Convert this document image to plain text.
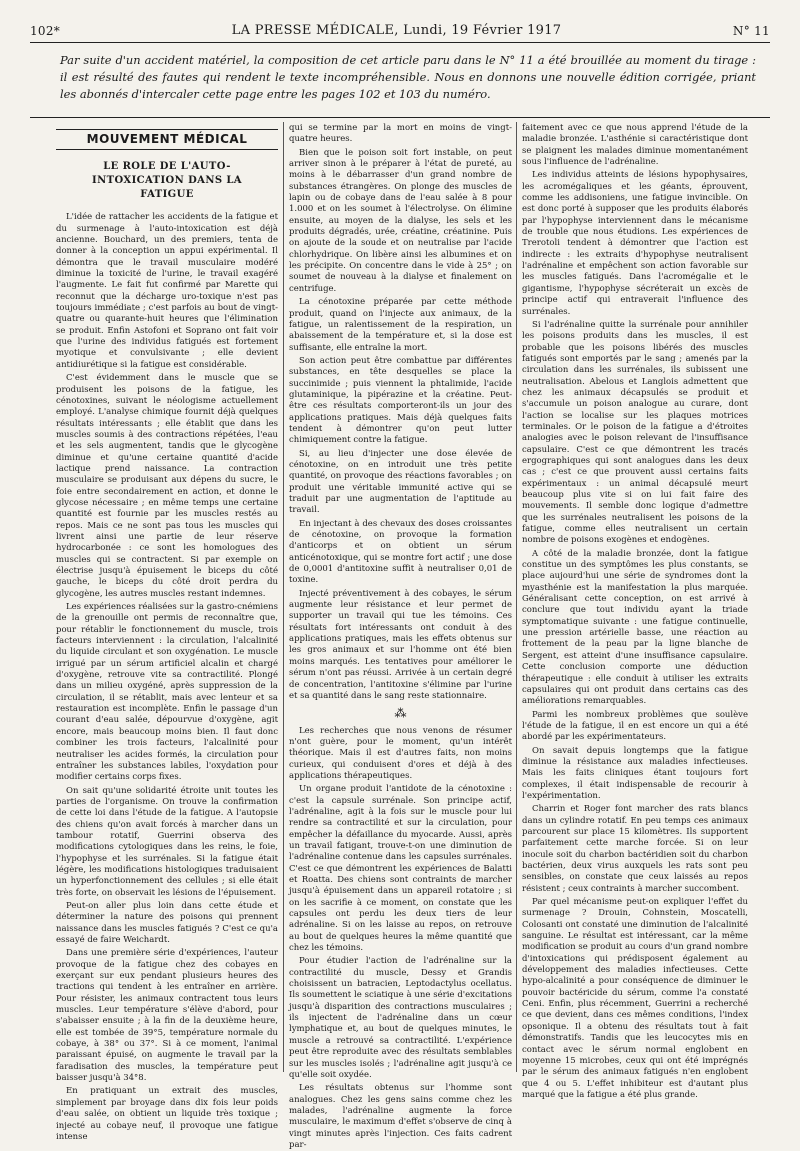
102*	LA PRESSE MÉDICALE, Lundi, 19 Février 1917	N° 11
Par suite d'un accident matériel, la composition de cet article paru dans le N° 11 a été brouillée au moment du tirage : il est résulté des fautes qui rendent le texte incompréhensible. Nous en donnons une nouvelle édition corrigée, priant les abonnés d'intercaler cette page entre les pages 102 et 103 du numéro.
MOUVEMENT MÉDICAL
LE ROLE DE L'AUTO-INTOXICATION DANS LA FATIGUE

L'idée de rattacher les accidents de la fatigue et du surmenage à l'auto-intoxication est déjà ancienne. Bouchard, un des premiers, tenta de donner à la conception un appui expérimental. Il démontra que le travail musculaire modéré diminue la toxicité de l'urine, le travail exagéré l'augmente. Le fait fut confirmé par Marette qui reconnut que la décharge uro-toxique n'est pas toujours immédiate ; c'est parfois au bout de vingt-quatre ou quarante-huit heures que l'élimination se produit. Enfin Astofoni et Soprano ont fait voir que l'urine des individus fatigués est fortement myotique et convulsivante ; elle devient antidiurétique si la fatigue est considérable.

C'est évidemment dans le muscle que se produisent les poisons de la fatigue, les cénotoxines, suivant le néologisme actuellement employé. L'analyse chimique fournit déjà quelques résultats intéressants ; elle établit que dans les muscles soumis à des contractions répétées, l'eau et les sels augmentent, tandis que le glycogène diminue et qu'une certaine quantité d'acide lactique prend naissance. La contraction musculaire se produisant aux dépens du sucre, le foie entre secondairement en action, et donne le glycose nécessaire ; en même temps une certaine quantité est fournie par les muscles restés au repos. Mais ce ne sont pas tous les muscles qui livrent ainsi une partie de leur réserve hydrocarbonée : ce sont les homologues des muscles qui se contractent. Si par exemple on électrise jusqu'à épuisement le biceps du côté gauche, le biceps du côté droit perdra du glycogène, les autres muscles restant indemnes.

Les expériences réalisées sur la gastro-cnémiens de la grenouille ont permis de reconnaître que, pour rétablir le fonctionnement du muscle, trois facteurs interviennent : la circulation, l'alcalinité du liquide circulant et son oxygénation. Le muscle irrigué par un sérum artificiel alcalin et chargé d'oxygène, retrouve vite sa contractilité. Plongé dans un milieu oxygéné, après suppression de la circulation, il se rétablit, mais avec lenteur et sa restauration est incomplète. Enfin le passage d'un courant d'eau salée, dépourvue d'oxygène, agit encore, mais beaucoup moins bien. Il faut donc combiner les trois facteurs, l'alcalinité pour neutraliser les acides formés, la circulation pour entraîner les substances labiles, l'oxydation pour modifier certains corps fixes.

On sait qu'une solidarité étroite unit toutes les parties de l'organisme. On trouve la confirmation de cette loi dans l'étude de la fatigue. A l'autopsie des chiens qu'on avait forcés à marcher dans un tambour rotatif, Guerrini observa des modifications cytologiques dans les reins, le foie, l'hypophyse et les surrénales. Si la fatigue était légère, les modifications histologiques traduisaient un hyperfonctionnement des cellules ; si elle était très forte, on observait les lésions de l'épuisement.

Peut-on aller plus loin dans cette étude et déterminer la nature des poisons qui prennent naissance dans les muscles fatigués ? C'est ce qu'a essayé de faire Weichardt.

Dans une première série d'expériences, l'auteur provoque de la fatigue chez des cobayes en exerçant sur eux pendant plusieurs heures des tractions qui tendent à les entraîner en arrière. Pour résister, les animaux contractent tous leurs muscles. Leur température s'élève d'abord, pour s'abaisser ensuite ; à la fin de la deuxième heure, elle est tombée de 39°5, température normale du cobaye, à 38° ou 37°. Si à ce moment, l'animal paraissant épuisé, on augmente le travail par la faradisation des muscles, la température peut baisser jusqu'à 34°8.

En pratiquant un extrait des muscles, simplement par broyage dans dix fois leur poids d'eau salée, on obtient un liquide très toxique ; injecté au cobaye neuf, il provoque une fatigue intense

qui se termine par la mort en moins de vingt-quatre heures.

Bien que le poison soit fort instable, on peut arriver sinon à le préparer à l'état de pureté, au moins à le débarrasser d'un grand nombre de substances étrangères. On plonge des muscles de lapin ou de cobaye dans de l'eau salée à 8 pour 1.000 et on les soumet à l'électrolyse. On élimine ensuite, au moyen de la dialyse, les sels et les produits dégradés, urée, créatine, créatinine. Puis on ajoute de la soude et on neutralise par l'acide chlorhydrique. On libère ainsi les albumines et on les précipite. On concentre dans le vide à 25° ; on soumet de nouveau à la dialyse et finalement on centrifuge.

La cénotoxine préparée par cette méthode produit, quand on l'injecte aux animaux, de la fatigue, un ralentissement de la respiration, un abaissement de la température et, si la dose est suffisante, elle entraîne la mort.

Son action peut être combattue par différentes substances, en tête desquelles se place la succinimide ; puis viennent la phtalimide, l'acide glutaminique, la pipérazine et la créatine. Peut-être ces résultats comporteront-ils un jour des applications pratiques. Mais déjà quelques faits tendent à démontrer qu'on peut lutter chimiquement contre la fatigue.

Si, au lieu d'injecter une dose élevée de cénotoxine, on en introduit une très petite quantité, on provoque des réactions favorables ; on produit une véritable immunité active qui se traduit par une augmentation de l'aptitude au travail.

En injectant à des chevaux des doses croissantes de cénotoxine, on provoque la formation d'anticorps et on obtient un sérum anticénotoxique, qui se montre fort actif ; une dose de 0,0001 d'antitoxine suffit à neutraliser 0,01 de toxine.

Injecté préventivement à des cobayes, le sérum augmente leur résistance et leur permet de supporter un travail qui tue les témoins. Ces résultats fort intéressants ont conduit à des applications pratiques, mais les effets obtenus sur les gros animaux et sur l'homme ont été bien moins marqués. Les tentatives pour améliorer le sérum n'ont pas réussi. Arrivée à un certain degré de concentration, l'antitoxine s'élimine par l'urine et sa quantité dans le sang reste stationnaire.

⁂

Les recherches que nous venons de résumer n'ont guère, pour le moment, qu'un intérêt théorique. Mais il est d'autres faits, non moins curieux, qui conduisent d'ores et déjà à des applications thérapeutiques.

Un organe produit l'antidote de la cénotoxine : c'est la capsule surrénale. Son principe actif, l'adrénaline, agit à la fois sur le muscle pour lui rendre sa contractilité et sur la circulation, pour empêcher la défaillance du myocarde. Aussi, après un travail fatigant, trouve-t-on une diminution de l'adrénaline contenue dans les capsules surrénales. C'est ce que démontrent les expériences de Balatti et Roatta. Des chiens sont contraints de marcher jusqu'à épuisement dans un appareil rotatoire ; si on les sacrifie à ce moment, on constate que les capsules ont perdu les deux tiers de leur adrénaline. Si on les laisse au repos, on retrouve au bout de quelques heures la même quantité que chez les témoins.

Pour étudier l'action de l'adrénaline sur la contractilité du muscle, Dessy et Grandis choisissent un batracien, Leptodactylus ocellatus. Ils soumettent le sciatique à une série d'excitations jusqu'à disparition des contractions musculaires ; ils injectent de l'adrénaline dans un cœur lymphatique et, au bout de quelques minutes, le muscle a retrouvé sa contractilité. L'expérience peut être reproduite avec des résultats semblables sur les muscles isolés ; l'adrénaline agit jusqu'à ce qu'elle soit oxydée.

Les résultats obtenus sur l'homme sont analogues. Chez les gens sains comme chez les malades, l'adrénaline augmente la force musculaire, le maximum d'effet s'observe de cinq à vingt minutes après l'injection. Ces faits cadrent par-

faitement avec ce que nous apprend l'étude de la maladie bronzée. L'asthénie si caractéristique dont se plaignent les malades diminue momentanément sous l'influence de l'adrénaline.

Les individus atteints de lésions hypophysaires, les acromégaliques et les géants, éprouvent, comme les addisoniens, une fatigue invincible. On est donc porté à supposer que les produits élaborés par l'hypophyse interviennent dans le mécanisme de trouble que nous étudions. Les expériences de Trerotoli tendent à démontrer que l'action est indirecte : les extraits d'hypophyse neutralisent l'adrénaline et empêchent son action favorable sur les muscles fatigués. Dans l'acromégalie et le gigantisme, l'hypophyse sécréterait un excès de principe actif qui entraverait l'influence des surrénales.

Si l'adrénaline quitte la surrénale pour annihiler les poisons produits dans les muscles, il est probable que les poisons libérés des muscles fatigués sont emportés par le sang ; amenés par la circulation dans les surrénales, ils subissent une neutralisation. Abelous et Langlois admettent que chez les animaux décapsulés se produit et s'accumule un poison analogue au curare, dont l'action se localise sur les plaques motrices terminales. Or le poison de la fatigue a d'étroites analogies avec le poison relevant de l'insuffisance capsulaire. C'est ce que démontrent les tracés ergographiques qui sont analogues dans les deux cas ; c'est ce que prouvent aussi certains faits expérimentaux : un animal décapsulé meurt beaucoup plus vite si on lui fait faire des mouvements. Il semble donc logique d'admettre que les surrénales neutralisent les poisons de la fatigue, comme elles neutralisent un certain nombre de poisons exogènes et endogènes.

A côté de la maladie bronzée, dont la fatigue constitue un des symptômes les plus constants, se place aujourd'hui une série de syndromes dont la myasthénie est la manifestation la plus marquée. Généralisant cette conception, on est arrivé à conclure que tout individu ayant la triade symptomatique suivante : une fatigue continuelle, une pression artérielle basse, une réaction au frottement de la peau par la ligne blanche de Sergent, est atteint d'une insuffisance capsulaire. Cette conclusion comporte une déduction thérapeutique : elle conduit à utiliser les extraits capsulaires qui ont produit dans certains cas des améliorations remarquables.

Parmi les nombreux problèmes que soulève l'étude de la fatigue, il en est encore un qui a été abordé par les expérimentateurs.

On savait depuis longtemps que la fatigue diminue la résistance aux maladies infectieuses. Mais les faits cliniques étant toujours fort complexes, il était indispensable de recourir à l'expérimentation.

Charrin et Roger font marcher des rats blancs dans un cylindre rotatif. En peu temps ces animaux parcourent sur place 15 kilomètres. Ils supportent parfaitement cette marche forcée. Si on leur inocule soit du charbon bactéridien soit du charbon bactérien, deux virus auxquels les rats sont peu sensibles, on constate que ceux laissés au repos résistent ; ceux contraints à marcher succombent.

Par quel mécanisme peut-on expliquer l'effet du surmenage ? Drouin, Cohnstein, Moscatelli, Colosanti ont constaté une diminution de l'alcalinité sanguine. Le résultat est intéressant, car la même modification se produit au cours d'un grand nombre d'intoxications qui prédisposent également au développement des maladies infectieuses. Cette hypo-alcalinité a pour conséquence de diminuer le pouvoir bactéricide du sérum, comme l'a constaté Ceni. Enfin, plus récemment, Guerrini a recherché ce que devient, dans ces mêmes conditions, l'index opsonique. Il a obtenu des résultats tout à fait démonstratifs. Tandis que les leucocytes mis en contact avec le sérum normal englobent en moyenne 15 microbes, ceux qui ont été imprégnés par le sérum des animaux fatigués n'en englobent que 4 ou 5. L'effet inhibiteur est d'autant plus marqué que la fatigue a été plus grande.
